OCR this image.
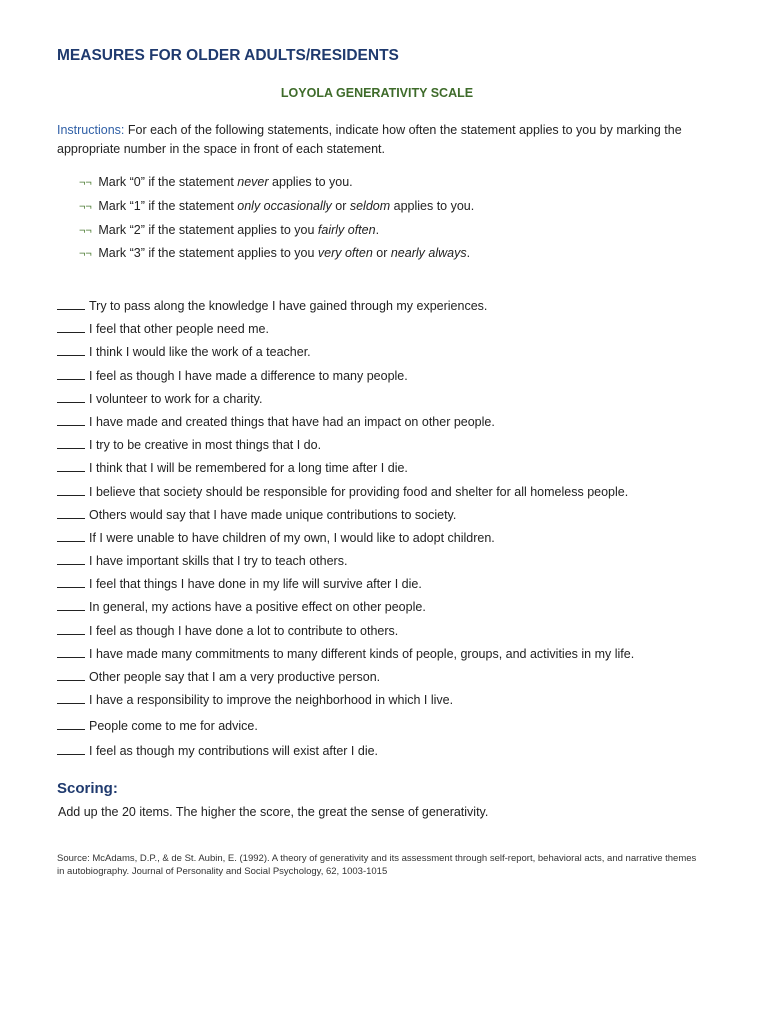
MEASURES FOR OLDER ADULTS/RESIDENTS
LOYOLA GENERATIVITY SCALE
Instructions: For each of the following statements, indicate how often the statement applies to you by marking the appropriate number in the space in front of each statement.
¬¬ Mark “0” if the statement never applies to you.
¬¬ Mark “1” if the statement only occasionally or seldom applies to you.
¬¬ Mark “2” if the statement applies to you fairly often.
¬¬ Mark “3” if the statement applies to you very often or nearly always.
Try to pass along the knowledge I have gained through my experiences.
I feel that other people need me.
I think I would like the work of a teacher.
I feel as though I have made a difference to many people.
I volunteer to work for a charity.
I have made and created things that have had an impact on other people.
I try to be creative in most things that I do.
I think that I will be remembered for a long time after I die.
I believe that society should be responsible for providing food and shelter for all homeless people.
Others would say that I have made unique contributions to society.
If I were unable to have children of my own, I would like to adopt children.
I have important skills that I try to teach others.
I feel that things I have done in my life will survive after I die.
In general, my actions have a positive effect on other people.
I feel as though I have done a lot to contribute to others.
I have made many commitments to many different kinds of people, groups, and activities in my life.
Other people say that I am a very productive person.
I have a responsibility to improve the neighborhood in which I live.
People come to me for advice.
I feel as though my contributions will exist after I die.
Scoring:
Add up the 20 items. The higher the score, the great the sense of generativity.
Source: McAdams, D.P., & de St. Aubin, E. (1992). A theory of generativity and its assessment through self-report, behavioral acts, and narrative themes in autobiography. Journal of Personality and Social Psychology, 62, 1003-1015
